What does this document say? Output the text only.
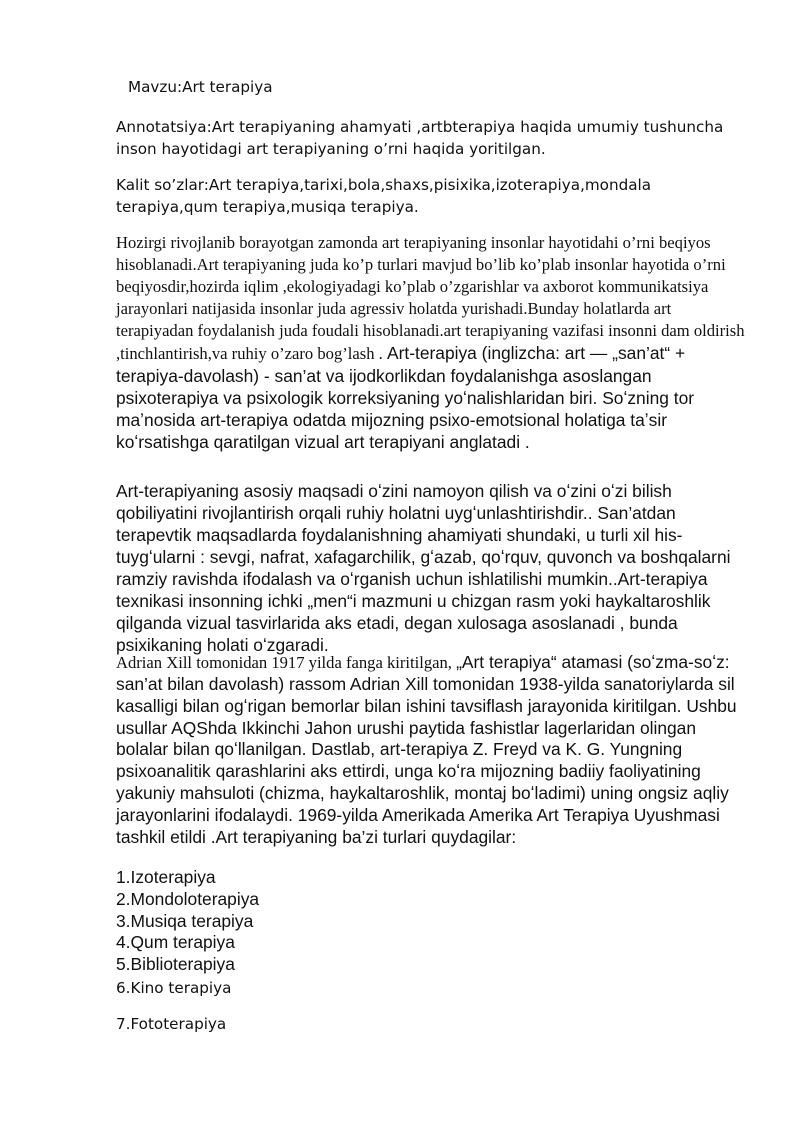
Mavzu:Art terapiya

Annotatsiya:Art terapiyaning ahamyati ,artbterapiya haqida umumiy tushuncha inson hayotidagi art terapiyaning o’rni haqida yoritilgan.

Kalit so’zlar:Art terapiya,tarixi,bola,shaxs,pisixika,izoterapiya,mondala terapiya,qum terapiya,musiqa terapiya.

Hozirgi rivojlanib borayotgan zamonda art terapiyaning insonlar hayotidahi o’rni beqiyos hisoblanadi.Art terapiyaning juda ko’p turlari mavjud bo’lib ko’plab insonlar hayotida o’rni beqiyosdir,hozirda iqlim ,ekologiyadagi ko’plab o’zgarishlar va axborot kommunikatsiya jarayonlari natijasida insonlar juda agressiv holatda yurishadi.Bunday holatlarda art terapiyadan foydalanish juda foudali hisoblanadi.art terapiyaning vazifasi insonni dam oldirish ,tinchlantirish,va ruhiy o’zaro bog’lash . Art-terapiya (inglizcha: art — „san’at“ + terapiya-davolash) - san’at va ijodkorlikdan foydalanishga asoslangan psixoterapiya va psixologik korreksiyaning yoʻnalishlaridan biri. Soʻzning tor maʼnosida art-terapiya odatda mijozning psixo-emotsional holatiga taʼsir koʻrsatishga qaratilgan vizual art terapiyani anglatadi .

Art-terapiyaning asosiy maqsadi oʻzini namoyon qilish va oʻzini oʻzi bilish qobiliyatini rivojlantirish orqali ruhiy holatni uygʻunlashtirishdir.. San’atdan terapevtik maqsadlarda foydalanishning ahamiyati shundaki, u turli xil his- tuygʻularni : sevgi, nafrat, xafagarchilik, gʻazab, qoʻrquv, quvonch va boshqalarni ramziy ravishda ifodalash va oʻrganish uchun ishlatilishi mumkin..Art-terapiya texnikasi insonning ichki „men“i mazmuni u chizgan rasm yoki haykaltaroshlik qilganda vizual tasvirlarida aks etadi, degan xulosaga asoslanadi , bunda psixikaning holati oʻzgaradi.

Adrian Xill tomonidan 1917 yilda fanga kiritilgan, „Art terapiya“ atamasi (soʻzma-soʻz: san’at bilan davolash) rassom Adrian Xill tomonidan 1938-yilda sanatoriylarda sil kasalligi bilan ogʻrigan bemorlar bilan ishini tavsiflash jarayonida kiritilgan. Ushbu usullar AQShda Ikkinchi Jahon urushi paytida fashistlar lagerlaridan olingan bolalar bilan qoʻllanilgan. Dastlab, art-terapiya Z. Freyd va K. G. Yungning psixoanalitik qarashlarini aks ettirdi, unga koʻra mijozning badiiy faoliyatining yakuniy mahsuloti (chizma, haykaltaroshlik, montaj boʻladimi) uning ongsiz aqliy jarayonlarini ifodalaydi. 1969-yilda Amerikada Amerika Art Terapiya Uyushmasi tashkil etildi .Art terapiyaning ba’zi turlari quydagilar:

1.Izoterapiya
2.Mondoloterapiya
3.Musiqa terapiya
4.Qum terapiya
5.Biblioterapiya

6.Kino terapiya

7.Fototerapiya
